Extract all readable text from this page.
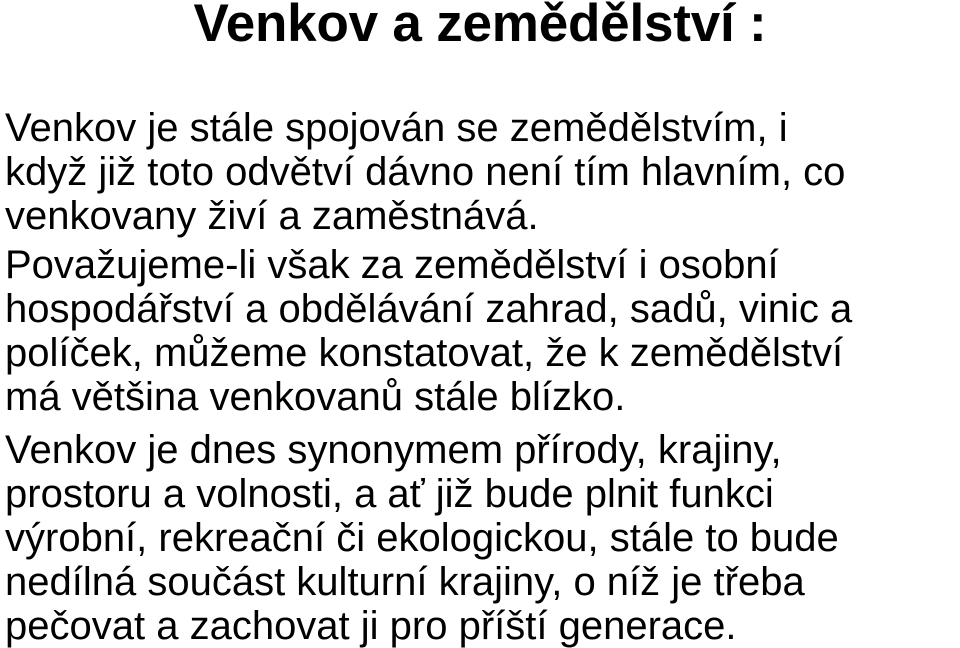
Venkov a zemědělství :
Venkov je stále spojován se zemědělstvím, i
když již toto odvětví dávno není tím hlavním, co
venkovany živí a zaměstnává.
Považujeme-li však za zemědělství i osobní
hospodářství a obdělávání zahrad, sadů, vinic a
políček, můžeme konstatovat, že k zemědělství
má většina venkovanů stále blízko.
Venkov je dnes synonymem přírody, krajiny,
prostoru a volnosti, a ať již bude plnit funkci
výrobní, rekreační či ekologickou, stále to bude
nedílná součást kulturní krajiny, o níž je třeba
pečovat a zachovat ji pro příští generace.
